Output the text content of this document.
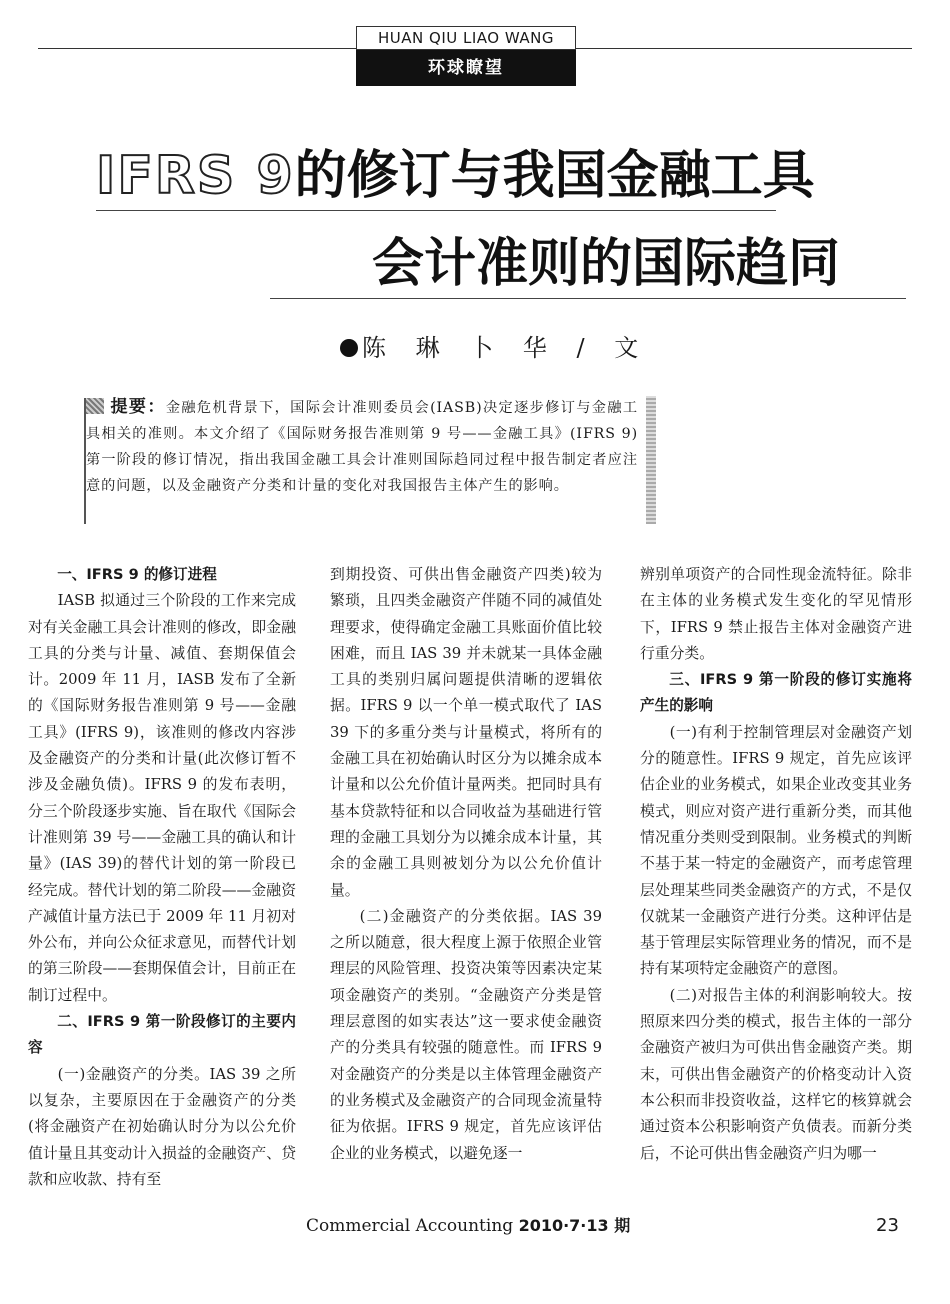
HUAN QIU LIAO WANG
环球瞭望
IFRS 9的修订与我国金融工具
会计准则的国际趋同
陈 琳 卜 华 / 文
提要：金融危机背景下，国际会计准则委员会(IASB)决定逐步修订与金融工具相关的准则。本文介绍了《国际财务报告准则第 9 号——金融工具》(IFRS 9)第一阶段的修订情况，指出我国金融工具会计准则国际趋同过程中报告制定者应注意的问题，以及金融资产分类和计量的变化对我国报告主体产生的影响。
一、IFRS 9 的修订进程

IASB 拟通过三个阶段的工作来完成对有关金融工具会计准则的修改，即金融工具的分类与计量、减值、套期保值会计。2009 年 11 月，IASB 发布了全新的《国际财务报告准则第 9 号——金融工具》(IFRS 9)，该准则的修改内容涉及金融资产的分类和计量(此次修订暂不涉及金融负债)。IFRS 9 的发布表明，分三个阶段逐步实施、旨在取代《国际会计准则第 39 号——金融工具的确认和计量》(IAS 39)的替代计划的第一阶段已经完成。替代计划的第二阶段——金融资产减值计量方法已于 2009 年 11 月初对外公布，并向公众征求意见，而替代计划的第三阶段——套期保值会计，目前正在制订过程中。

二、IFRS 9 第一阶段修订的主要内容

(一)金融资产的分类。IAS 39 之所以复杂，主要原因在于金融资产的分类(将金融资产在初始确认时分为以公允价值计量且其变动计入损益的金融资产、贷款和应收款、持有至

到期投资、可供出售金融资产四类)较为繁琐，且四类金融资产伴随不同的减值处理要求，使得确定金融工具账面价值比较困难，而且 IAS 39 并未就某一具体金融工具的类别归属问题提供清晰的逻辑依据。IFRS 9 以一个单一模式取代了 IAS 39 下的多重分类与计量模式，将所有的金融工具在初始确认时区分为以摊余成本计量和以公允价值计量两类。把同时具有基本贷款特征和以合同收益为基础进行管理的金融工具划分为以摊余成本计量，其余的金融工具则被划分为以公允价值计量。

(二)金融资产的分类依据。IAS 39 之所以随意，很大程度上源于依照企业管理层的风险管理、投资决策等因素决定某项金融资产的类别。“金融资产分类是管理层意图的如实表达”这一要求使金融资产的分类具有较强的随意性。而 IFRS 9 对金融资产的分类是以主体管理金融资产的业务模式及金融资产的合同现金流量特征为依据。IFRS 9 规定，首先应该评估企业的业务模式，以避免逐一

辨别单项资产的合同性现金流特征。除非在主体的业务模式发生变化的罕见情形下，IFRS 9 禁止报告主体对金融资产进行重分类。

三、IFRS 9 第一阶段的修订实施将产生的影响

(一)有利于控制管理层对金融资产划分的随意性。IFRS 9 规定，首先应该评估企业的业务模式，如果企业改变其业务模式，则应对资产进行重新分类，而其他情况重分类则受到限制。业务模式的判断不基于某一特定的金融资产，而考虑管理层处理某些同类金融资产的方式，不是仅仅就某一金融资产进行分类。这种评估是基于管理层实际管理业务的情况，而不是持有某项特定金融资产的意图。

(二)对报告主体的利润影响较大。按照原来四分类的模式，报告主体的一部分金融资产被归为可供出售金融资产类。期末，可供出售金融资产的价格变动计入资本公积而非投资收益，这样它的核算就会通过资本公积影响资产负债表。而新分类后，不论可供出售金融资产归为哪一

Commercial Accounting 2010·7·13 期	23
